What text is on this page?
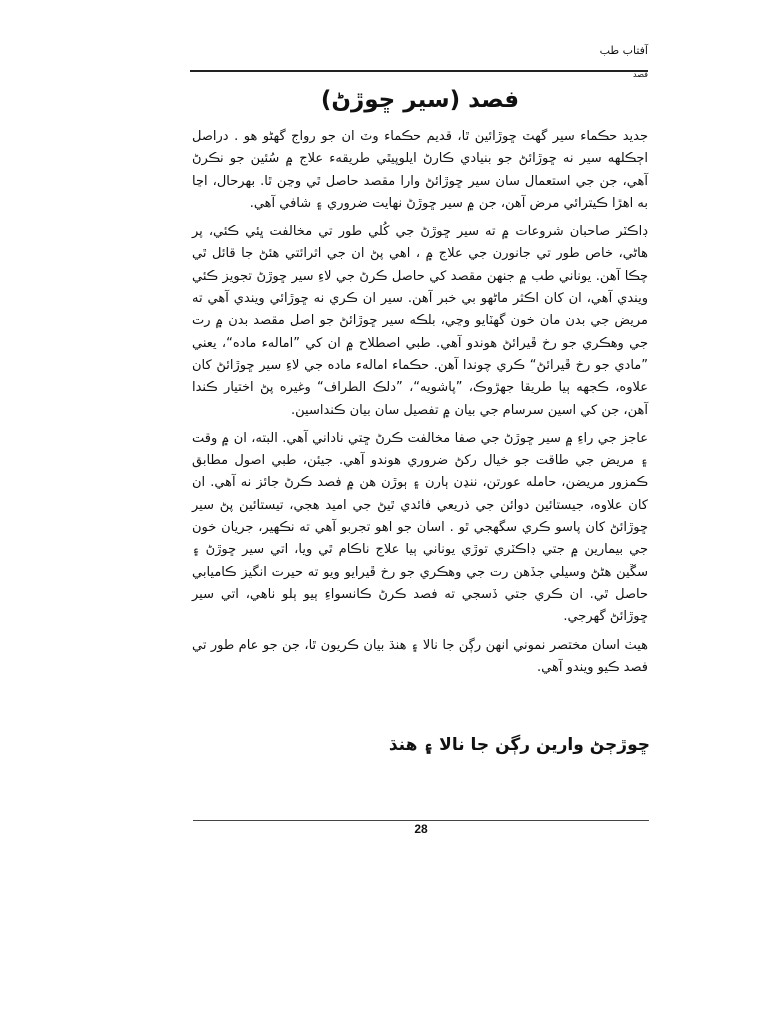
آفتاب طب
فصد
فصد (سير ڇوڙڻ)

جديد حڪماء سير گهٽ ڇوڙائين ٿا، قديم حڪماء وٽ ان جو رواج گهڻو هو . دراصل اڄڪلهه سير نه ڇوڙائڻ جو بنيادي ڪارڻ ايلوپيٿي طريقهء علاج ۾ سُئين جو نڪرڻ آهي، جن جي استعمال سان سير ڇوڙائڻ وارا مقصد حاصل ٿي وڃن ٿا. بهرحال، اڃا به اهڙا ڪيترائي مرض آهن، جن ۾ سير ڇوڙڻ نهايت ضروري ۽ شافي آهي.

ڊاڪٽر صاحبان شروعات ۾ ته سير ڇوڙڻ جي کُلي طور تي مخالفت ڀئي ڪئي، پر هاڻي، خاص طور تي جانورن جي علاج ۾ ، اهي پڻ ان جي اثرائتي هئڻ جا قائل ٿي چڪا آهن. يوناني طب ۾ جنهن مقصد کي حاصل ڪرڻ جي لاءِ سير ڇوڙڻ تجويز ڪئي ويندي آهي، ان کان اڪثر ماڻهو بي خبر آهن. سير ان ڪري نه ڇوڙائي ويندي آهي ته مريض جي بدن مان خون گهٽايو وڃي، بلڪه سير ڇوڙائڻ جو اصل مقصد بدن ۾ رت جي وهڪري جو رخ ڦيرائڻ هوندو آهي. طبي اصطلاح ۾ ان کي ”امالهء ماده“، يعني ”مادي جو رخ ڦيرائڻ“ ڪري چوندا آهن. حڪماء امالهء ماده جي لاءِ سير ڇوڙائڻ کان علاوه، ڪجهه ٻيا طريقا جهڙوڪ، ”پاشويه“، ”دلڪ الطراف“ وغيره پڻ اختيار ڪندا آهن، جن کي اسين سرسام جي بيان ۾ تفصيل سان بيان ڪنداسين.

عاجز جي راءِ ۾ سير ڇوڙڻ جي صفا مخالفت ڪرڻ ڇتي ناداني آهي. البته، ان ۾ وقت ۽ مريض جي طاقت جو خيال رکڻ ضروري هوندو آهي. جيئن، طبي اصول مطابق ڪمزور مريضن، حامله عورتن، ننڍن ٻارن ۽ ٻوڙن هن ۾ فصد ڪرڻ جائز نه آهي. ان کان علاوه، جيستائين دوائن جي ذريعي فائدي ٿيڻ جي اميد هجي، تيستائين پڻ سير ڇوڙائڻ کان پاسو ڪري سگهجي ٿو . اسان جو اهو تجربو آهي ته نڪهير، جريان خون جي بيمارين ۾ جتي ڊاڪٽري توڙي يوناني ٻيا علاج ناڪام ٿي ويا، اتي سير ڇوڙڻ ۽ سڱين هڻڻ وسيلي جڏهن رت جي وهڪري جو رخ ڦيرايو ويو ته حيرت انگيز ڪاميابي حاصل ٿي. ان ڪري جتي ڏسجي ته فصد ڪرڻ ڪانسواءِ ٻيو ٻلو ناهي، اتي سير ڇوڙائڻ گهرجي.

هيٺ اسان مختصر نموني انهن رڳن جا نالا ۽ هنڌ بيان ڪريون ٿا، جن جو عام طور تي فصد ڪيو ويندو آهي.

ڇوڙڄڻ وارين رڳن جا نالا ۽ هنڌ
28
